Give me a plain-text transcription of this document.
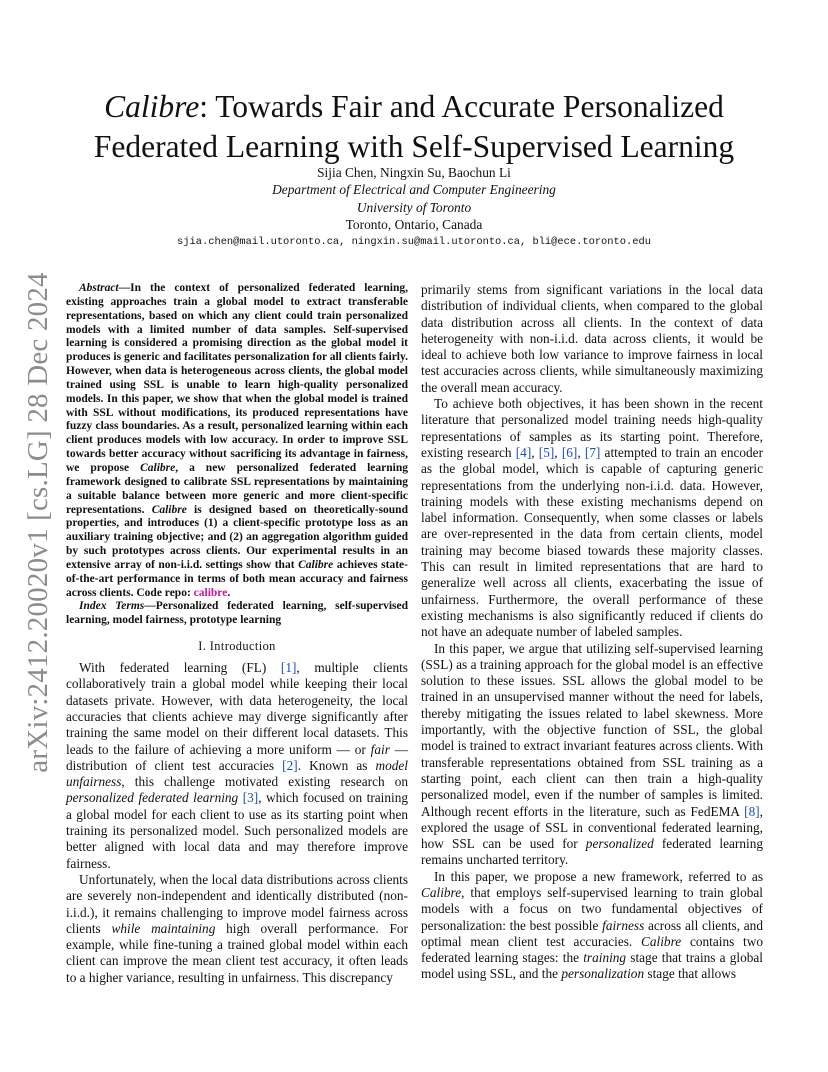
arXiv:2412.20020v1 [cs.LG] 28 Dec 2024
Calibre: Towards Fair and Accurate Personalized Federated Learning with Self-Supervised Learning
Sijia Chen, Ningxin Su, Baochun Li
Department of Electrical and Computer Engineering
University of Toronto
Toronto, Ontario, Canada
sjia.chen@mail.utoronto.ca, ningxin.su@mail.utoronto.ca, bli@ece.toronto.edu

Abstract—In the context of personalized federated learning, existing approaches train a global model to extract transferable representations, based on which any client could train personalized models with a limited number of data samples. Self-supervised learning is considered a promising direction as the global model it produces is generic and facilitates personalization for all clients fairly. However, when data is heterogeneous across clients, the global model trained using SSL is unable to learn high-quality personalized models. In this paper, we show that when the global model is trained with SSL without modifications, its produced representations have fuzzy class boundaries. As a result, personalized learning within each client produces models with low accuracy. In order to improve SSL towards better accuracy without sacrificing its advantage in fairness, we propose Calibre, a new personalized federated learning framework designed to calibrate SSL representations by maintaining a suitable balance between more generic and more client-specific representations. Calibre is designed based on theoretically-sound properties, and introduces (1) a client-specific prototype loss as an auxiliary training objective; and (2) an aggregation algorithm guided by such prototypes across clients. Our experimental results in an extensive array of non-i.i.d. settings show that Calibre achieves state-of-the-art performance in terms of both mean accuracy and fairness across clients. Code repo: calibre.

Index Terms—Personalized federated learning, self-supervised learning, model fairness, prototype learning

I. Introduction

With federated learning (FL) [1], multiple clients collaboratively train a global model while keeping their local datasets private. However, with data heterogeneity, the local accuracies that clients achieve may diverge significantly after training the same model on their different local datasets. This leads to the failure of achieving a more uniform — or fair — distribution of client test accuracies [2]. Known as model unfairness, this challenge motivated existing research on personalized federated learning [3], which focused on training a global model for each client to use as its starting point when training its personalized model. Such personalized models are better aligned with local data and may therefore improve fairness.

Unfortunately, when the local data distributions across clients are severely non-independent and identically distributed (non-i.i.d.), it remains challenging to improve model fairness across clients while maintaining high overall performance. For example, while fine-tuning a trained global model within each client can improve the mean client test accuracy, it often leads to a higher variance, resulting in unfairness. This discrepancy

primarily stems from significant variations in the local data distribution of individual clients, when compared to the global data distribution across all clients. In the context of data heterogeneity with non-i.i.d. data across clients, it would be ideal to achieve both low variance to improve fairness in local test accuracies across clients, while simultaneously maximizing the overall mean accuracy.

To achieve both objectives, it has been shown in the recent literature that personalized model training needs high-quality representations of samples as its starting point. Therefore, existing research [4], [5], [6], [7] attempted to train an encoder as the global model, which is capable of capturing generic representations from the underlying non-i.i.d. data. However, training models with these existing mechanisms depend on label information. Consequently, when some classes or labels are over-represented in the data from certain clients, model training may become biased towards these majority classes. This can result in limited representations that are hard to generalize well across all clients, exacerbating the issue of unfairness. Furthermore, the overall performance of these existing mechanisms is also significantly reduced if clients do not have an adequate number of labeled samples.

In this paper, we argue that utilizing self-supervised learning (SSL) as a training approach for the global model is an effective solution to these issues. SSL allows the global model to be trained in an unsupervised manner without the need for labels, thereby mitigating the issues related to label skewness. More importantly, with the objective function of SSL, the global model is trained to extract invariant features across clients. With transferable representations obtained from SSL training as a starting point, each client can then train a high-quality personalized model, even if the number of samples is limited. Although recent efforts in the literature, such as FedEMA [8], explored the usage of SSL in conventional federated learning, how SSL can be used for personalized federated learning remains uncharted territory.

In this paper, we propose a new framework, referred to as Calibre, that employs self-supervised learning to train global models with a focus on two fundamental objectives of personalization: the best possible fairness across all clients, and optimal mean client test accuracies. Calibre contains two federated learning stages: the training stage that trains a global model using SSL, and the personalization stage that allows
